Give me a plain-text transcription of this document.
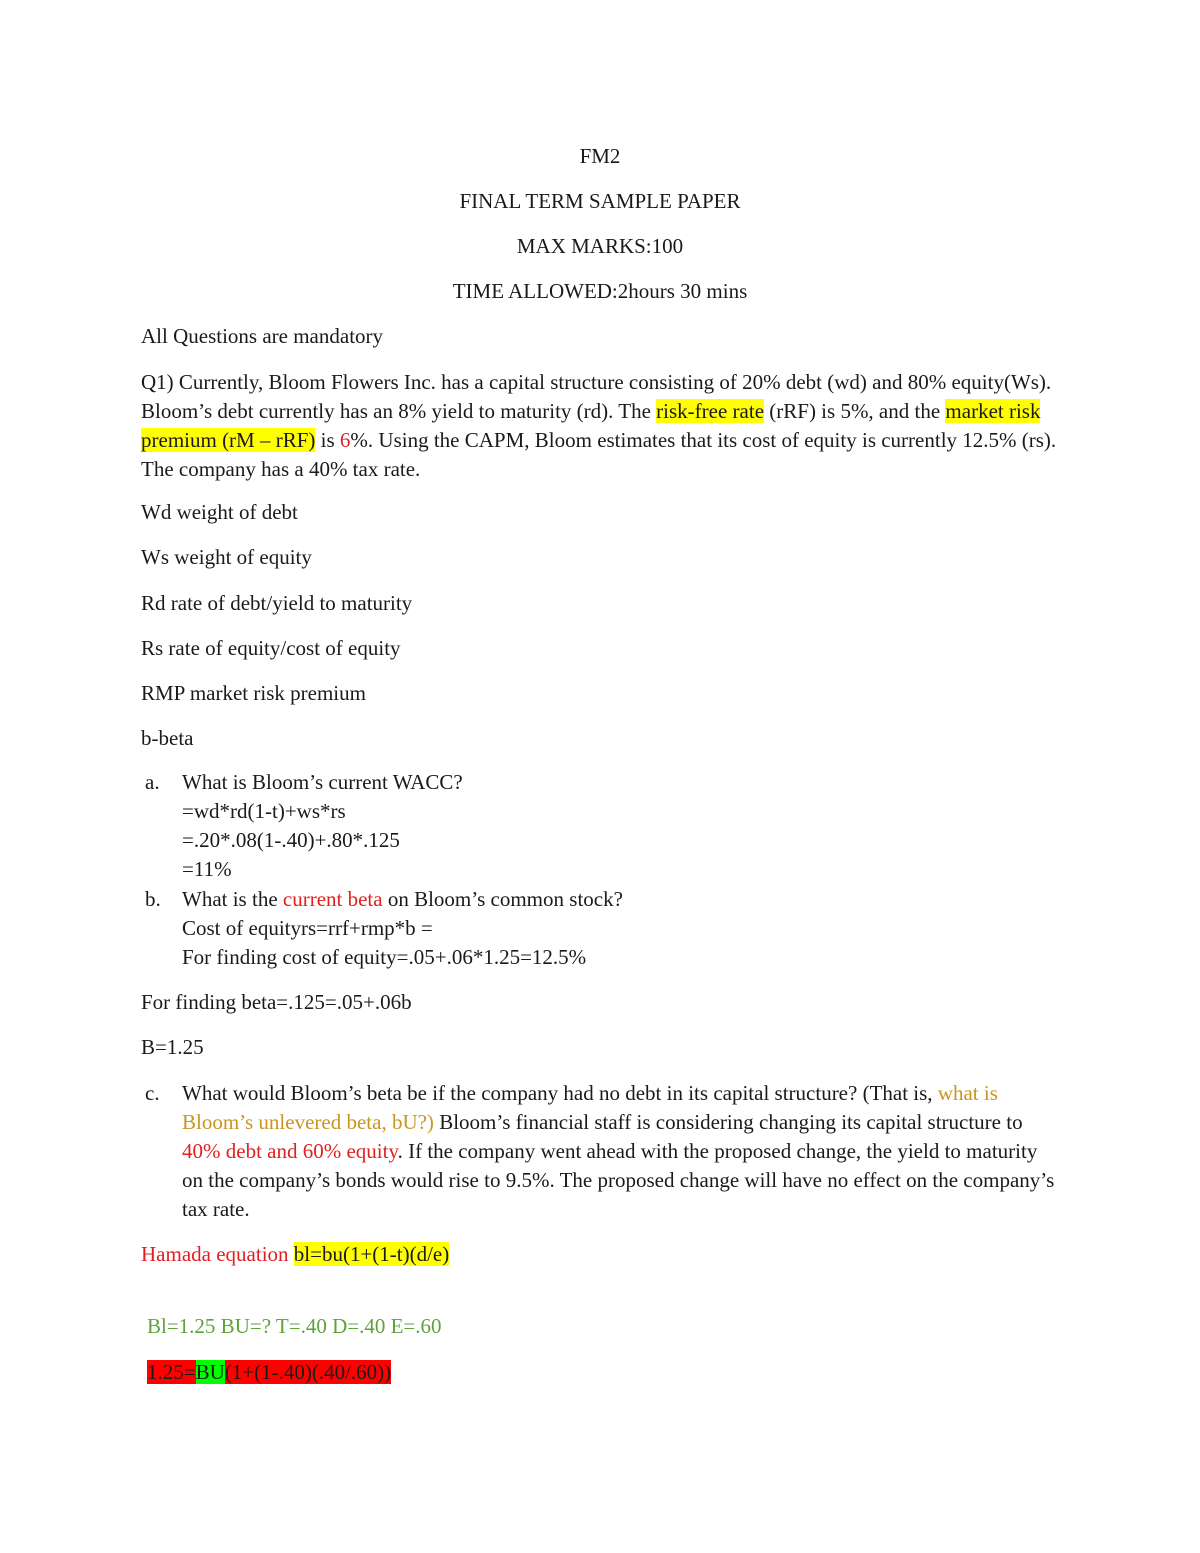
FM2
FINAL TERM SAMPLE PAPER
MAX MARKS:100
TIME ALLOWED:2hours 30 mins
All Questions are mandatory
Q1) Currently, Bloom Flowers Inc. has a capital structure consisting of 20% debt (wd) and 80% equity(Ws). Bloom’s debt currently has an 8% yield to maturity (rd). The risk-free rate (rRF) is 5%, and the market risk premium (rM – rRF) is 6%. Using the CAPM, Bloom estimates that its cost of equity is currently 12.5% (rs). The company has a 40% tax rate.
Wd weight of debt
Ws weight of equity
Rd rate of debt/yield to maturity
Rs rate of equity/cost of equity
RMP market risk premium
b-beta
a. What is Bloom’s current WACC?
=wd*rd(1-t)+ws*rs
=.20*.08(1-.40)+.80*.125
=11%
b. What is the current beta on Bloom’s common stock?
Cost of equityrs=rrf+rmp*b =
For finding cost of equity=.05+.06*1.25=12.5%
For finding beta=.125=.05+.06b
B=1.25
c. What would Bloom’s beta be if the company had no debt in its capital structure? (That is, what is Bloom’s unlevered beta, bU?) Bloom’s financial staff is considering changing its capital structure to 40% debt and 60% equity. If the company went ahead with the proposed change, the yield to maturity on the company’s bonds would rise to 9.5%. The proposed change will have no effect on the company’s tax rate.
Hamada equation bl=bu(1+(1-t)(d/e)
Bl=1.25 BU=? T=.40 D=.40 E=.60
1.25=BU(1+(1-.40)(.40/.60))
